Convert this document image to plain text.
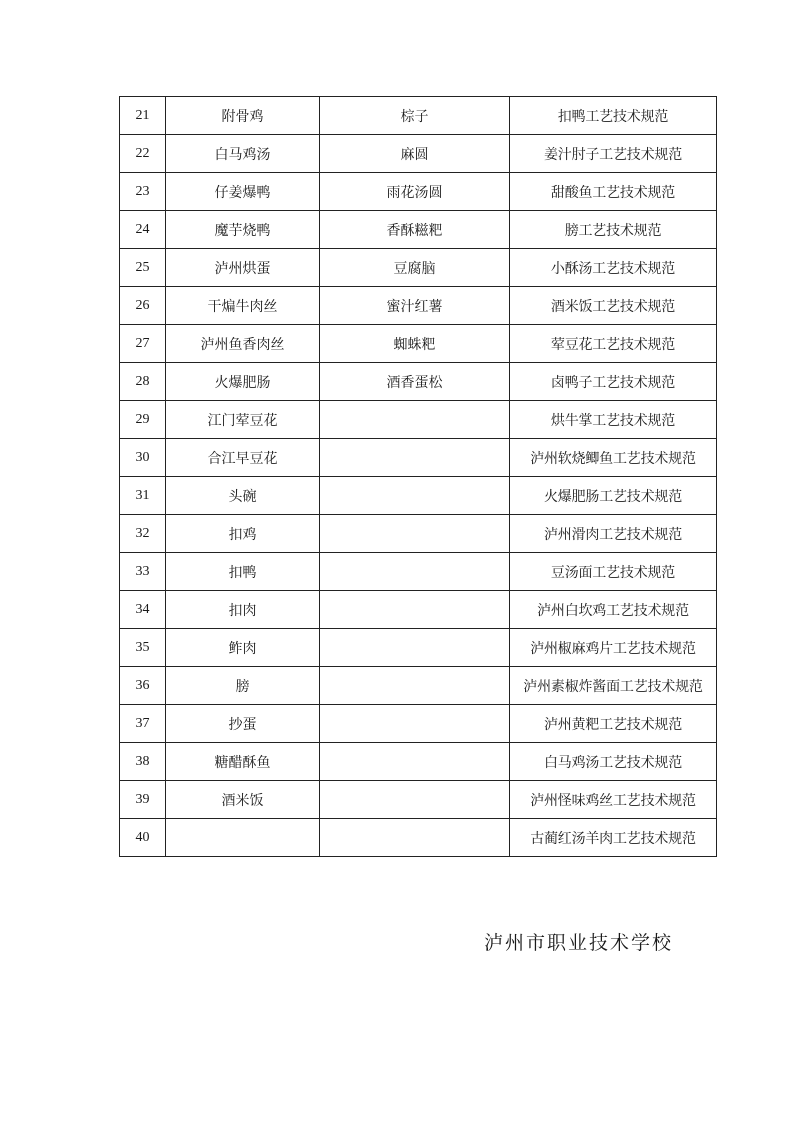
21	附骨鸡	棕子	扣鸭工艺技术规范
22	白马鸡汤	麻圆	姜汁肘子工艺技术规范
23	仔姜爆鸭	雨花汤圆	甜酸鱼工艺技术规范
24	魔芋烧鸭	香酥糍粑	膀工艺技术规范
25	泸州烘蛋	豆腐脑	小酥汤工艺技术规范
26	干煸牛肉丝	蜜汁红薯	酒米饭工艺技术规范
27	泸州鱼香肉丝	蜘蛛粑	荤豆花工艺技术规范
28	火爆肥肠	酒香蛋松	卤鸭子工艺技术规范
29	江门荤豆花		烘牛掌工艺技术规范
30	合江早豆花		泸州软烧鲫鱼工艺技术规范
31	头碗		火爆肥肠工艺技术规范
32	扣鸡		泸州滑肉工艺技术规范
33	扣鸭		豆汤面工艺技术规范
34	扣肉		泸州白坎鸡工艺技术规范
35	鲊肉		泸州椒麻鸡片工艺技术规范
36	膀		泸州素椒炸酱面工艺技术规范
37	抄蛋		泸州黄粑工艺技术规范
38	糖醋酥鱼		白马鸡汤工艺技术规范
39	酒米饭		泸州怪味鸡丝工艺技术规范
40			古蔺红汤羊肉工艺技术规范
泸州市职业技术学校
